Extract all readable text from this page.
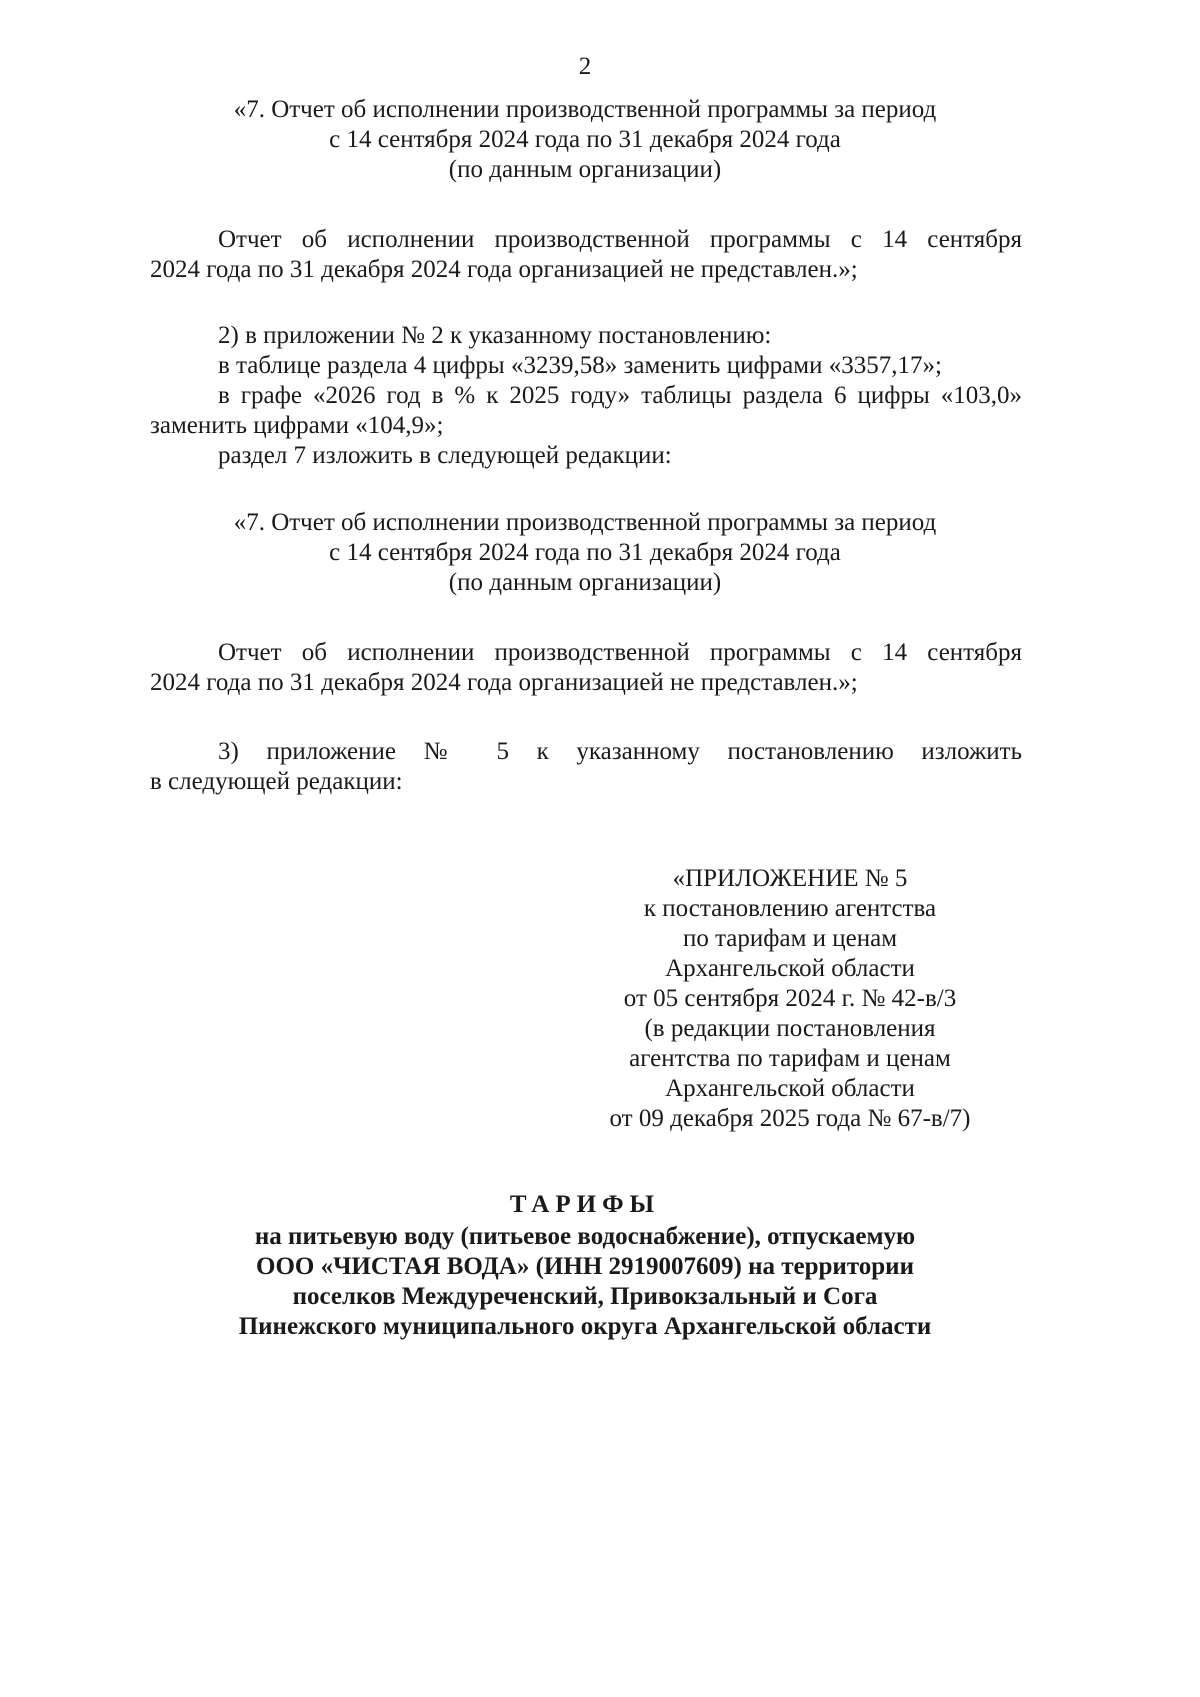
2
«7. Отчет об исполнении производственной программы за период
с 14 сентября 2024 года по 31 декабря 2024 года
(по данным организации)
Отчет об исполнении производственной программы с 14 сентября
2024 года по 31 декабря 2024 года организацией не представлен.»;
2) в приложении № 2 к указанному постановлению:
в таблице раздела 4 цифры «3239,58» заменить цифрами «3357,17»;
в графе «2026 год в % к 2025 году» таблицы раздела 6 цифры «103,0»
заменить цифрами «104,9»;
раздел 7 изложить в следующей редакции:
«7. Отчет об исполнении производственной программы за период
с 14 сентября 2024 года по 31 декабря 2024 года
(по данным организации)
Отчет об исполнении производственной программы с 14 сентября
2024 года по 31 декабря 2024 года организацией не представлен.»;
3) приложение № 5 к указанному постановлению изложить
в следующей редакции:
«ПРИЛОЖЕНИЕ № 5
к постановлению агентства
по тарифам и ценам
Архангельской области
от 05 сентября 2024 г. № 42-в/3
(в редакции постановления
агентства по тарифам и ценам
Архангельской области
от 09 декабря 2025 года № 67-в/7)
ТАРИФЫ
на питьевую воду (питьевое водоснабжение), отпускаемую
ООО «ЧИСТАЯ ВОДА» (ИНН 2919007609) на территории
поселков Междуреченский, Привокзальный и Сога
Пинежского муниципального округа Архангельской области
